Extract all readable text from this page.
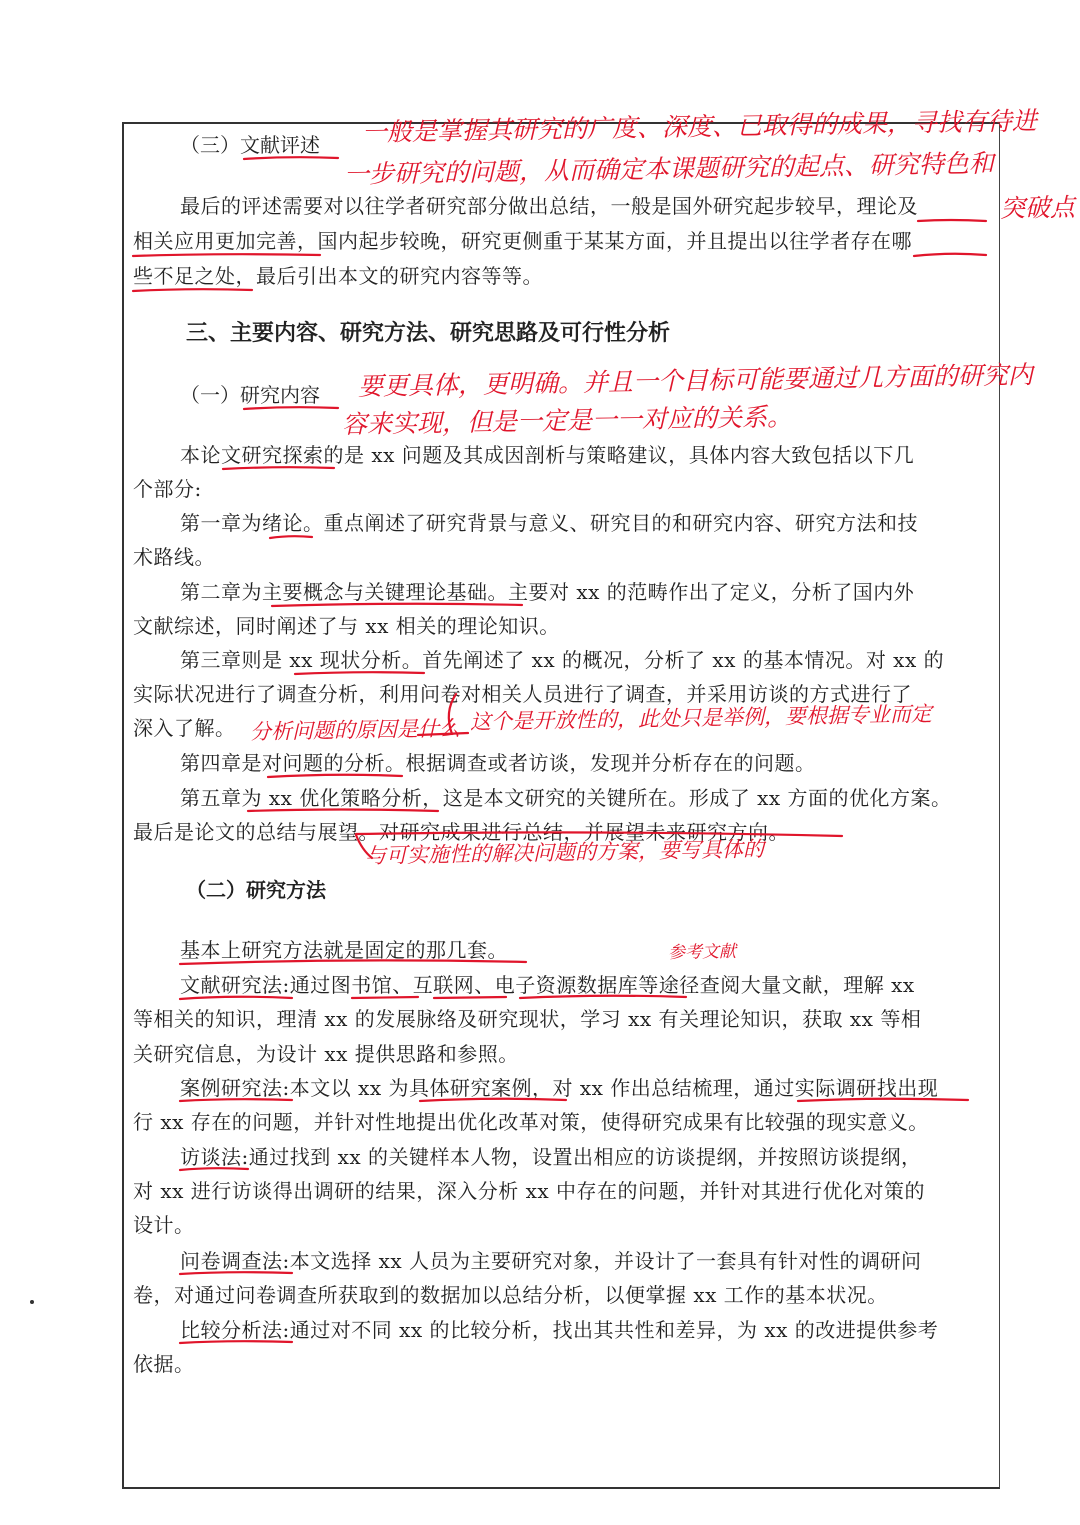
（三）文献评述
最后的评述需要对以往学者研究部分做出总结，一般是国外研究起步较早，理论及
相关应用更加完善，国内起步较晚，研究更侧重于某某方面，并且提出以往学者存在哪
些不足之处，最后引出本文的研究内容等等。
三、主要内容、研究方法、研究思路及可行性分析
（一）研究内容
本论文研究探索的是 xx 问题及其成因剖析与策略建议，具体内容大致包括以下几
个部分:
第一章为绪论。重点阐述了研究背景与意义、研究目的和研究内容、研究方法和技
术路线。
第二章为主要概念与关键理论基础。主要对 xx 的范畴作出了定义，分析了国内外
文献综述，同时阐述了与 xx 相关的理论知识。
第三章则是 xx 现状分析。首先阐述了 xx 的概况，分析了 xx 的基本情况。对 xx 的
实际状况进行了调查分析，利用问卷对相关人员进行了调查，并采用访谈的方式进行了
深入了解。
第四章是对问题的分析。根据调查或者访谈，发现并分析存在的问题。
第五章为 xx 优化策略分析，这是本文研究的关键所在。形成了 xx 方面的优化方案。
最后是论文的总结与展望。对研究成果进行总结，并展望未来研究方向。
（二）研究方法
基本上研究方法就是固定的那几套。
文献研究法:通过图书馆、互联网、电子资源数据库等途径查阅大量文献，理解 xx
等相关的知识，理清 xx 的发展脉络及研究现状，学习 xx 有关理论知识，获取 xx 等相
关研究信息，为设计 xx 提供思路和参照。
案例研究法:本文以 xx 为具体研究案例，对 xx 作出总结梳理，通过实际调研找出现
行 xx 存在的问题，并针对性地提出优化改革对策，使得研究成果有比较强的现实意义。
访谈法:通过找到 xx 的关键样本人物，设置出相应的访谈提纲，并按照访谈提纲，
对 xx 进行访谈得出调研的结果，深入分析 xx 中存在的问题，并针对其进行优化对策的
设计。
问卷调查法:本文选择 xx 人员为主要研究对象，并设计了一套具有针对性的调研问
卷，对通过问卷调查所获取到的数据加以总结分析，以便掌握 xx 工作的基本状况。
比较分析法:通过对不同 xx 的比较分析，找出其共性和差异，为 xx 的改进提供参考
依据。
一般是掌握其研究的广度、深度、已取得的成果，寻找有待进
一步研究的问题，从而确定本课题研究的起点、研究特色和
突破点
要更具体，更明确。并且一个目标可能要通过几方面的研究内
容来实现，但是一定是一一对应的关系。
分析问题的原因是什么 这个是开放性的，此处只是举例，要根据专业而定
与可实施性的解决问题的方案，要写具体的
参考文献
